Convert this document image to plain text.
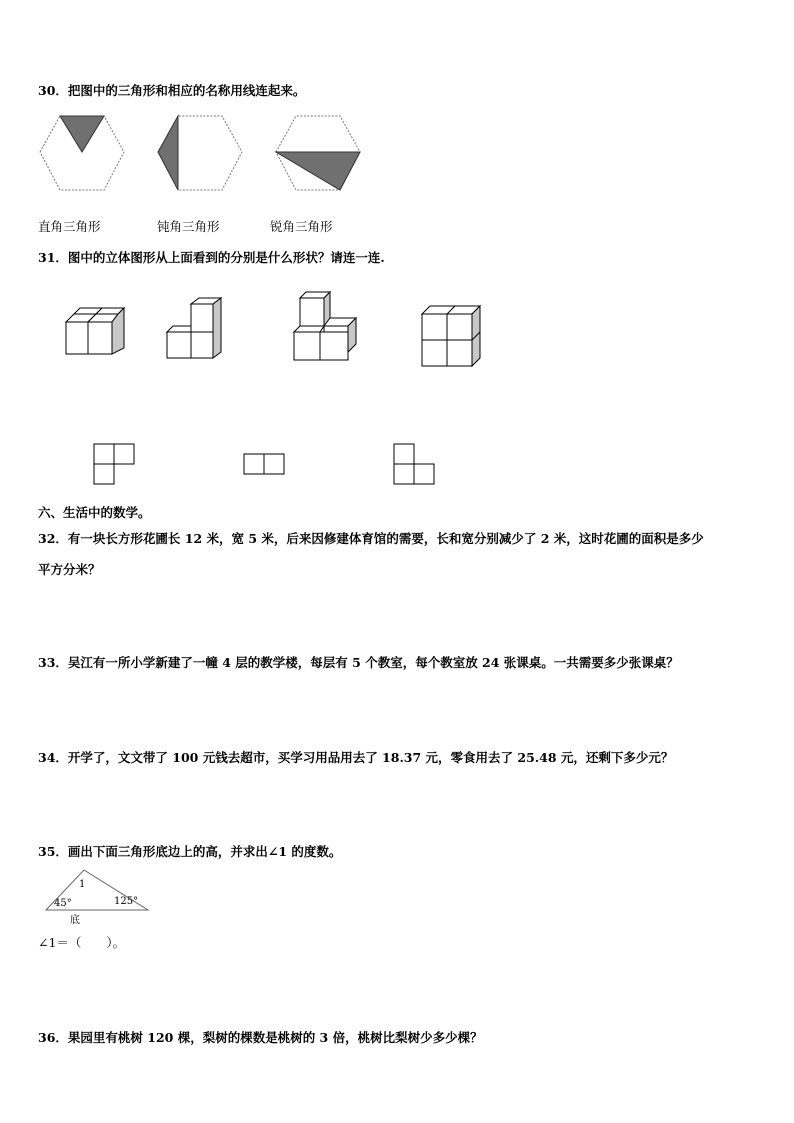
30．把图中的三角形和相应的名称用线连起来。

直角三角形	钝角三角形	锐角三角形

31．图中的立体图形从上面看到的分别是什么形状？请连一连.

六、生活中的数学。

32．有一块长方形花圃长 12 米，宽 5 米，后来因修建体育馆的需要，长和宽分别减少了 2 米，这时花圃的面积是多少

平方分米？

33．吴江有一所小学新建了一幢 4 层的教学楼，每层有 5 个教室，每个教室放 24 张课桌。一共需要多少张课桌？

34．开学了，文文带了 100 元钱去超市，买学习用品用去了 18.37 元，零食用去了 25.48 元，还剩下多少元？

35．画出下面三角形底边上的高，并求出∠1 的度数。

45°	125°
1
底
∠1＝（　　）。

36．果园里有桃树 120 棵，梨树的棵数是桃树的 3 倍，桃树比梨树少多少棵？
